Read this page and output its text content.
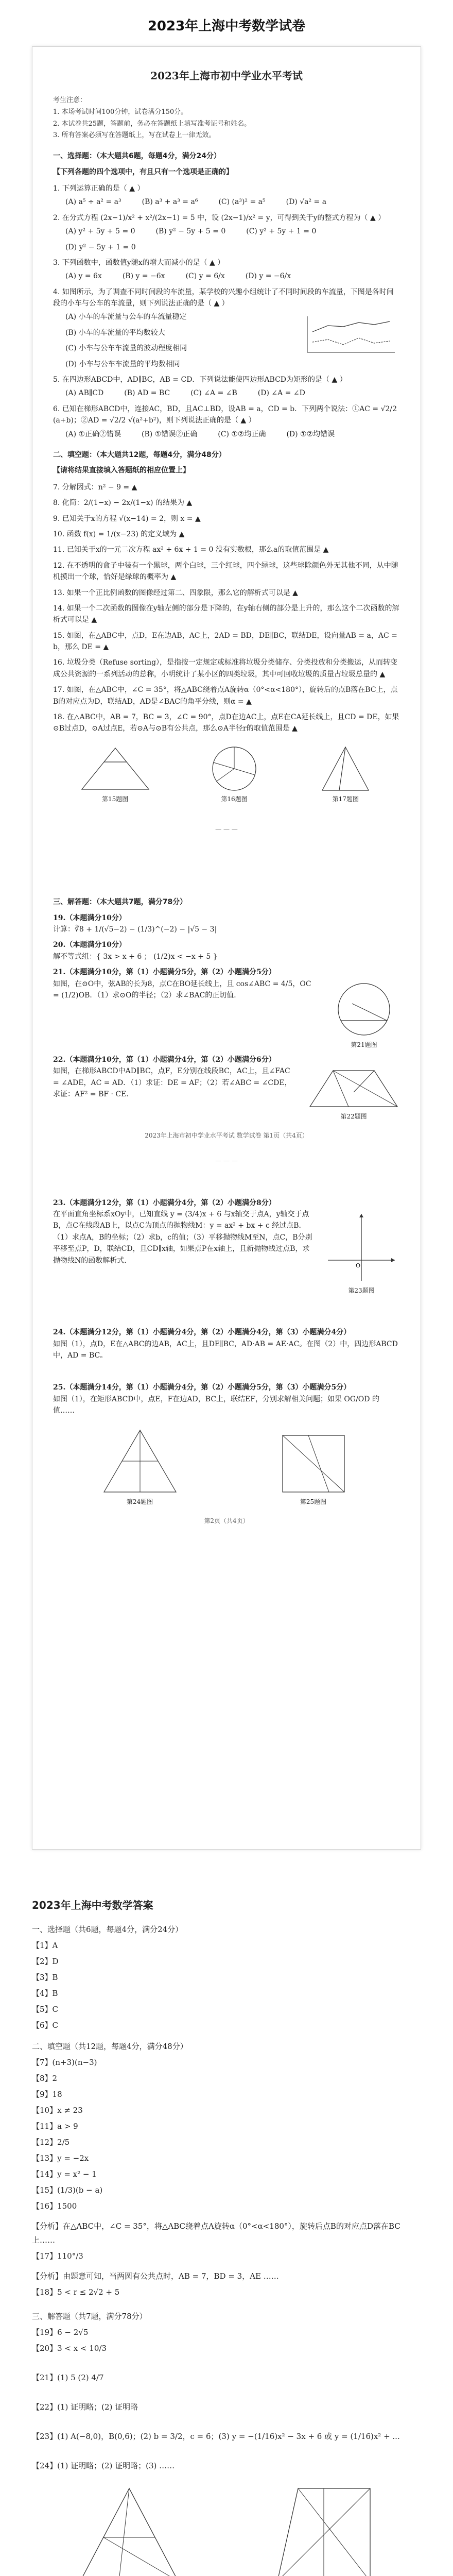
2023年上海中考数学试卷
2023年上海市初中学业水平考试
考生注意：
1. 本场考试时间100分钟，试卷满分150分。
2. 本试卷共25题，答题前，务必在答题纸上填写准考证号和姓名。
3. 所有答案必须写在答题纸上，写在试卷上一律无效。
一、选择题：（本大题共6题，每题4分，满分24分）
【下列各题的四个选项中，有且只有一个选项是正确的】
1. 下列运算正确的是（ ▲ ）
(A) a⁵ ÷ a² = a³	(B) a³ + a³ = a⁶	(C) (a³)² = a⁵	(D) √a² = a
2. 在分式方程 (2x−1)/x² + x²/(2x−1) = 5 中，设 (2x−1)/x² = y，可得到关于y的整式方程为（ ▲ ）
(A) y² + 5y + 5 = 0	(B) y² − 5y + 5 = 0	(C) y² + 5y + 1 = 0
(D) y² − 5y + 1 = 0
3. 下列函数中，函数值y随x的增大而减小的是（ ▲ ）
(A) y = 6x	(B) y = −6x	(C) y = 6/x	(D) y = −6/x
4. 如图所示，为了调查不同时间段的车流量，某学校的兴趣小组统计了不同时间段的车流量，下图是各时间段的小车与公车的车流量，则下列说法正确的是（ ▲ ）
(A) 小车的车流量与公车的车流量稳定
(B) 小车的车流量的平均数较大
(C) 小车与公车车流量的波动程度相同
(D) 小车与公车车流量的平均数相同
5. 在四边形ABCD中，AD∥BC，AB = CD．下列说法能使四边形ABCD为矩形的是（ ▲ ）
(A) AB∥CD	(B) AD = BC	(C) ∠A = ∠B	(D) ∠A = ∠D
6. 已知在梯形ABCD中，连接AC，BD，且AC⊥BD，设AB = a，CD = b．下列两个说法：①AC = √2/2 (a+b)；②AD = √2/2 √(a²+b²)，则下列说法正确的是（ ▲ ）
(A) ①正确②错误	(B) ①错误②正确	(C) ①②均正确	(D) ①②均错误
二、填空题：（本大题共12题，每题4分，满分48分）
【请将结果直接填入答题纸的相应位置上】
7. 分解因式：n² − 9 = ▲
8. 化简：2/(1−x) − 2x/(1−x) 的结果为 ▲
9. 已知关于x的方程 √(x−14) = 2，则 x = ▲
10. 函数 f(x) = 1/(x−23) 的定义域为 ▲
11. 已知关于x的一元二次方程 ax² + 6x + 1 = 0 没有实数根，那么a的取值范围是 ▲
12. 在不透明的盒子中装有一个黑球，两个白球，三个红球，四个绿球，这些球除颜色外无其他不同，从中随机摸出一个球，恰好是绿球的概率为 ▲
13. 如果一个正比例函数的图像经过第二、四象限，那么它的解析式可以是 ▲
14. 如果一个二次函数的图像在y轴左侧的部分是下降的，在y轴右侧的部分是上升的，那么这个二次函数的解析式可以是 ▲
15. 如图，在△ABC中，点D，E在边AB，AC上，2AD = BD，DE∥BC，联结DE，设向量AB = a，AC = b，那么 DE = ▲
16. 垃圾分类（Refuse sorting），是指按一定规定或标准将垃圾分类储存、分类投放和分类搬运，从而转变成公共资源的一系列活动的总称，小明统计了某小区的四类垃圾，其中可回收垃圾的质量占垃圾总量的 ▲
17. 如图，在△ABC中，∠C = 35°，将△ABC绕着点A旋转α（0°<α<180°），旋转后的点B落在BC上，点B的对应点为D，联结AD，AD是∠BAC的角平分线，则α = ▲
18. 在△ABC中，AB = 7，BC = 3，∠C = 90°，点D在边AC上，点E在CA延长线上，且CD = DE，如果⊙B过点D，⊙A过点E，若⊙A与⊙B有公共点，那么⊙A半径r的取值范围是 ▲
第15题图	第16题图	第17题图
— — —
三、解答题：（本大题共7题，满分78分）
19.（本题满分10分）
计算：∛8 + 1/(√5−2) − (1/3)^(−2) − |√5 − 3|
20.（本题满分10分）
解不等式组：{ 3x > x + 6 ； (1/2)x < −x + 5 }
21.（本题满分10分，第（1）小题满分5分，第（2）小题满分5分）
如图，在⊙O中，弦AB的长为8，点C在BO延长线上，且 cos∠ABC = 4/5，OC = (1/2)OB．（1）求⊙O的半径；（2）求∠BAC的正切值．
第21题图
22.（本题满分10分，第（1）小题满分4分，第（2）小题满分6分）
如图，在梯形ABCD中AD∥BC，点F，E分别在线段BC，AC上，且∠FAC = ∠ADE，AC = AD．（1）求证：DE = AF；（2）若∠ABC = ∠CDE，求证：AF² = BF · CE．
第22题图
2023年上海市初中学业水平考试 数学试卷 第1页（共4页）
— — —
23.（本题满分12分，第（1）小题满分4分，第（2）小题满分8分）
在平面直角坐标系xOy中，已知直线 y = (3/4)x + 6 与x轴交于点A，y轴交于点B，点C在线段AB上，以点C为顶点的抛物线M：y = ax² + bx + c 经过点B．（1）求点A，B的坐标；（2）求b，c的值；（3）平移抛物线M至N，点C，B分别平移至点P，D，联结CD，且CD∥x轴，如果点P在x轴上，且新抛物线过点B，求抛物线N的函数解析式．
O
第23题图
24.（本题满分12分，第（1）小题满分4分，第（2）小题满分4分，第（3）小题满分4分）
如图（1），点D，E在△ABC的边AB，AC上，且DE∥BC，AD·AB = AE·AC。在图（2）中，四边形ABCD中，AD = BC。
25.（本题满分14分，第（1）小题满分4分，第（2）小题满分5分，第（3）小题满分5分）
如图（1），在矩形ABCD中，点E，F在边AD，BC上，联结EF，分别求解相关问题；如果 OG/OD 的值……
第24题图	第25题图
第2页（共4页）
2023年上海中考数学答案
一、选择题（共6题，每题4分，满分24分）
【1】A
【2】D
【3】B
【4】B
【5】C
【6】C
二、填空题（共12题，每题4分，满分48分）
【7】(n+3)(n−3)
【8】2
【9】18
【10】x ≠ 23
【11】a > 9
【12】2/5
【13】y = −2x
【14】y = x² − 1
【15】(1/3)(b − a)
【16】1500
【分析】在△ABC中，∠C = 35°，将△ABC绕着点A旋转α（0°<α<180°），旋转后点B的对应点D落在BC上……
【17】110°/3
【分析】由题意可知，当两圆有公共点时，AB = 7，BD = 3，AE ……
【18】5 < r ≤ 2√2 + 5
三、解答题（共7题，满分78分）
【19】6 − 2√5
【20】3 < x < 10/3
【21】(1) 5 (2) 4/7
【22】(1) 证明略；(2) 证明略
【23】(1) A(−8,0)，B(0,6)；(2) b = 3/2，c = 6；(3) y = −(1/16)x² − 3x + 6 或 y = (1/16)x² + ...
【24】(1) 证明略；(2) 证明略；(3) ……
